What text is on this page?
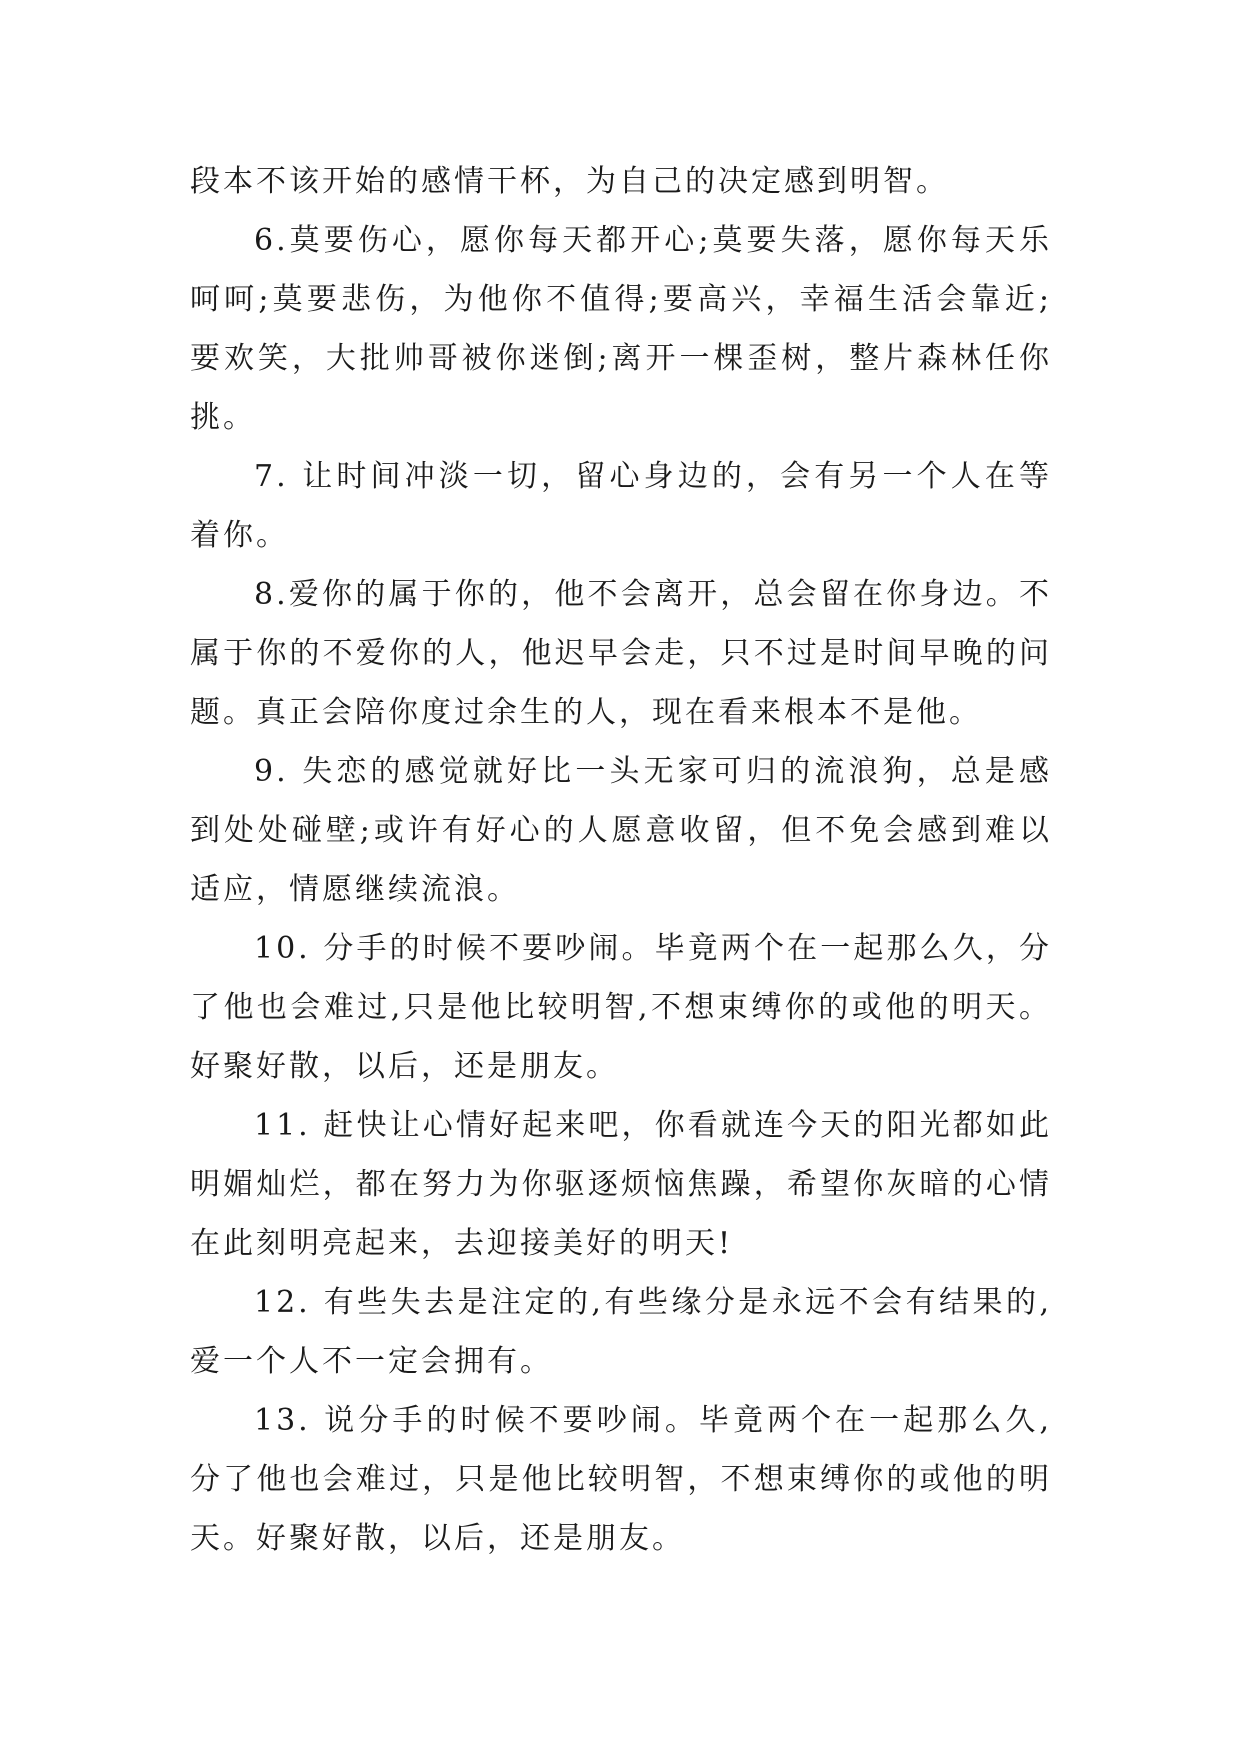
段本不该开始的感情干杯，为自己的决定感到明智。

6.莫要伤心，愿你每天都开心;莫要失落，愿你每天乐呵呵;莫要悲伤，为他你不值得;要高兴，幸福生活会靠近;要欢笑，大批帅哥被你迷倒;离开一棵歪树，整片森林任你挑。

7. 让时间冲淡一切，留心身边的，会有另一个人在等着你。

8.爱你的属于你的，他不会离开，总会留在你身边。不属于你的不爱你的人，他迟早会走，只不过是时间早晚的问题。真正会陪你度过余生的人，现在看来根本不是他。

9. 失恋的感觉就好比一头无家可归的流浪狗，总是感到处处碰壁;或许有好心的人愿意收留，但不免会感到难以适应，情愿继续流浪。

10. 分手的时候不要吵闹。毕竟两个在一起那么久，分了他也会难过,只是他比较明智,不想束缚你的或他的明天。好聚好散，以后，还是朋友。

11. 赶快让心情好起来吧，你看就连今天的阳光都如此明媚灿烂，都在努力为你驱逐烦恼焦躁，希望你灰暗的心情在此刻明亮起来，去迎接美好的明天!

12. 有些失去是注定的,有些缘分是永远不会有结果的,爱一个人不一定会拥有。

13. 说分手的时候不要吵闹。毕竟两个在一起那么久,分了他也会难过，只是他比较明智，不想束缚你的或他的明天。好聚好散，以后，还是朋友。
